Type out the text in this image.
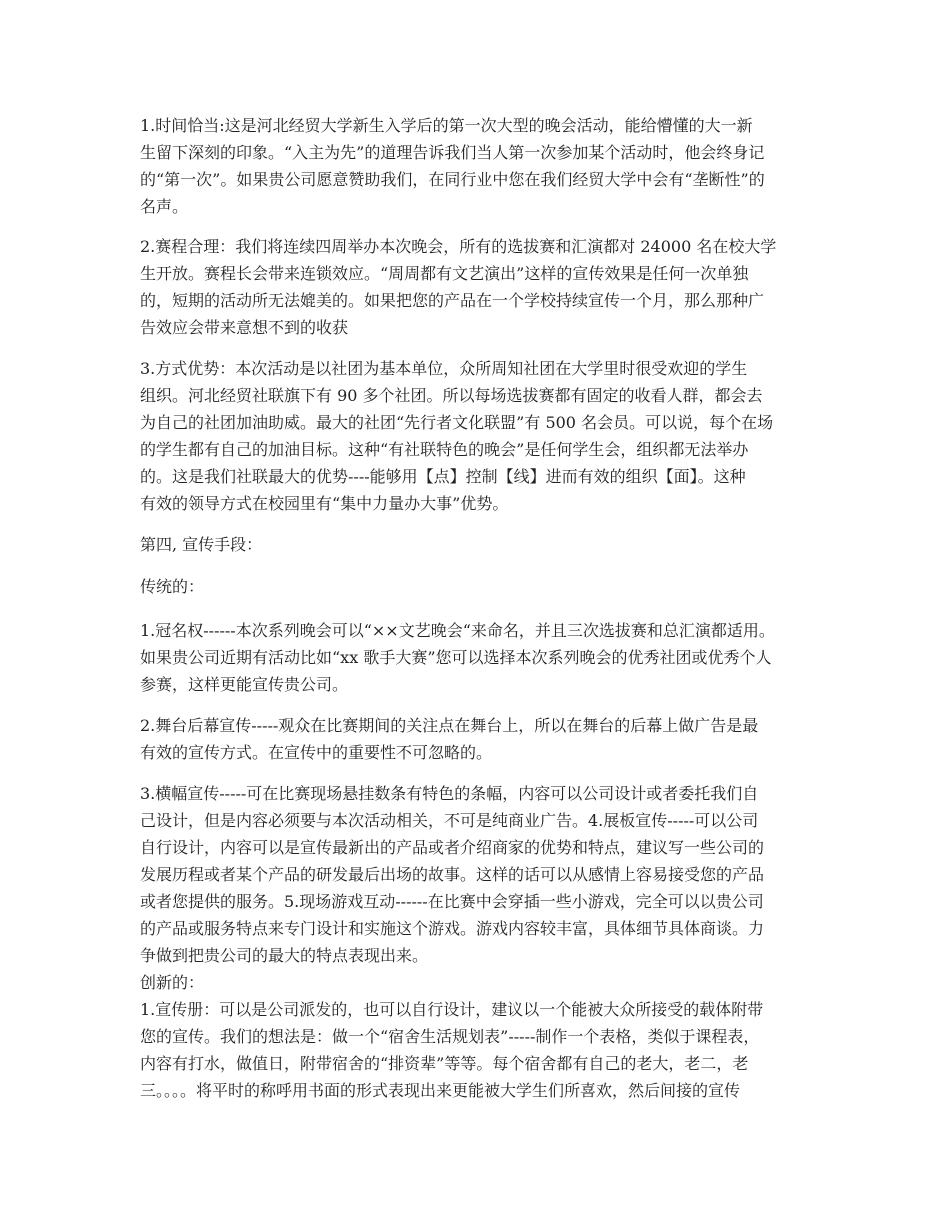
1.时间恰当:这是河北经贸大学新生入学后的第一次大型的晚会活动，能给懵懂的大一新
生留下深刻的印象。“入主为先”的道理告诉我们当人第一次参加某个活动时，他会终身记
的“第一次”。如果贵公司愿意赞助我们，在同行业中您在我们经贸大学中会有“垄断性”的
名声。

2.赛程合理：我们将连续四周举办本次晚会，所有的选拔赛和汇演都对 24000 名在校大学
生开放。赛程长会带来连锁效应。“周周都有文艺演出”这样的宣传效果是任何一次单独
的，短期的活动所无法媲美的。如果把您的产品在一个学校持续宣传一个月，那么那种广
告效应会带来意想不到的收获

3.方式优势：本次活动是以社团为基本单位，众所周知社团在大学里时很受欢迎的学生
组织。河北经贸社联旗下有 90 多个社团。所以每场选拔赛都有固定的收看人群，都会去
为自己的社团加油助威。最大的社团“先行者文化联盟”有 500 名会员。可以说，每个在场
的学生都有自己的加油目标。这种“有社联特色的晚会”是任何学生会，组织都无法举办
的。这是我们社联最大的优势----能够用【点】控制【线】进而有效的组织【面】。这种
有效的领导方式在校园里有“集中力量办大事”优势。

第四, 宣传手段：

传统的：

1.冠名权------本次系列晚会可以“××文艺晚会“来命名，并且三次选拔赛和总汇演都适用。
如果贵公司近期有活动比如“xx 歌手大赛”您可以选择本次系列晚会的优秀社团或优秀个人
参赛，这样更能宣传贵公司。

2.舞台后幕宣传-----观众在比赛期间的关注点在舞台上，所以在舞台的后幕上做广告是最
有效的宣传方式。在宣传中的重要性不可忽略的。

3.横幅宣传-----可在比赛现场悬挂数条有特色的条幅，内容可以公司设计或者委托我们自
己设计，但是内容必须要与本次活动相关，不可是纯商业广告。4.展板宣传-----可以公司
自行设计，内容可以是宣传最新出的产品或者介绍商家的优势和特点，建议写一些公司的
发展历程或者某个产品的研发最后出场的故事。这样的话可以从感情上容易接受您的产品
或者您提供的服务。5.现场游戏互动------在比赛中会穿插一些小游戏，完全可以以贵公司
的产品或服务特点来专门设计和实施这个游戏。游戏内容较丰富，具体细节具体商谈。力
争做到把贵公司的最大的特点表现出来。

创新的：

1.宣传册：可以是公司派发的，也可以自行设计，建议以一个能被大众所接受的载体附带
您的宣传。我们的想法是：做一个“宿舍生活规划表”-----制作一个表格，类似于课程表，
内容有打水，做值日，附带宿舍的“排资辈”等等。每个宿舍都有自己的老大，老二，老
三。。。。将平时的称呼用书面的形式表现出来更能被大学生们所喜欢，然后间接的宣传
